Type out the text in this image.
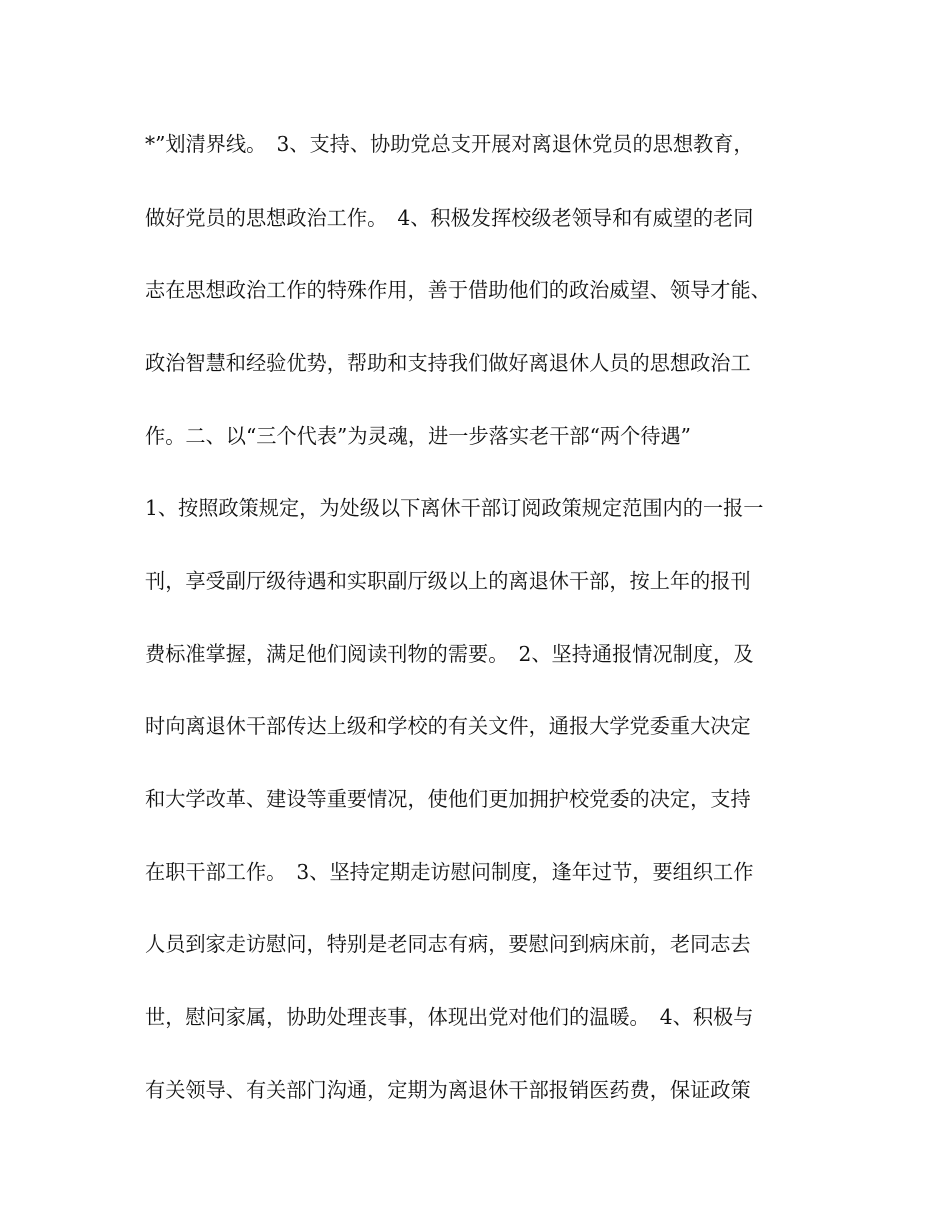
*”划清界线。　3、支持、协助党总支开展对离退休党员的思想教育，
做好党员的思想政治工作。　4、积极发挥校级老领导和有威望的老同
志在思想政治工作的特殊作用，善于借助他们的政治威望、领导才能、
政治智慧和经验优势，帮助和支持我们做好离退休人员的思想政治工
作。二、以“三个代表”为灵魂，进一步落实老干部“两个待遇”
1、按照政策规定，为处级以下离休干部订阅政策规定范围内的一报一
刊，享受副厅级待遇和实职副厅级以上的离退休干部，按上年的报刊
费标准掌握，满足他们阅读刊物的需要。　2、坚持通报情况制度，及
时向离退休干部传达上级和学校的有关文件，通报大学党委重大决定
和大学改革、建设等重要情况，使他们更加拥护校党委的决定，支持
在职干部工作。　3、坚持定期走访慰问制度，逢年过节，要组织工作
人员到家走访慰问，特别是老同志有病，要慰问到病床前，老同志去
世，慰问家属，协助处理丧事，体现出党对他们的温暖。　4、积极与
有关领导、有关部门沟通，定期为离退休干部报销医药费，保证政策
